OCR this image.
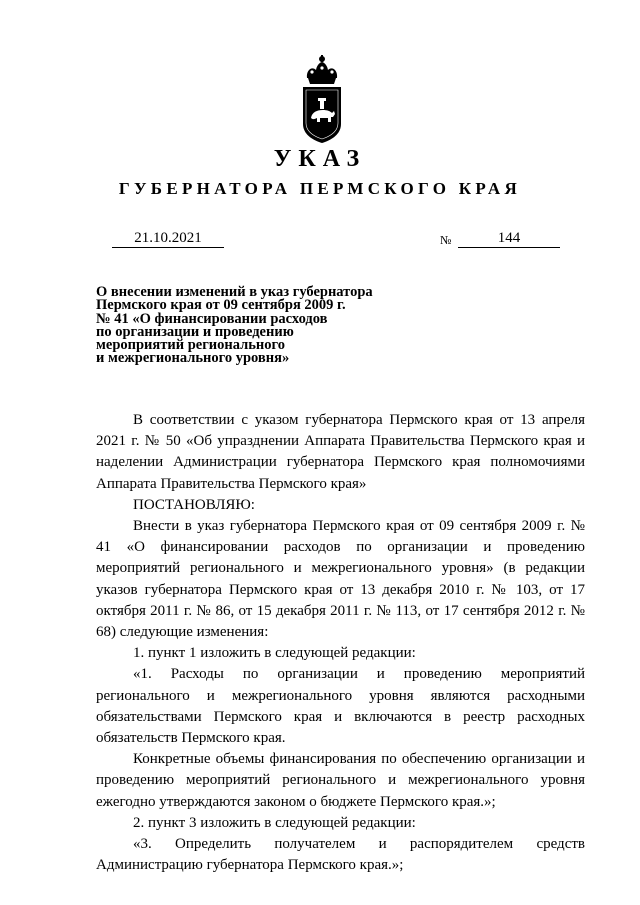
УКАЗ
ГУБЕРНАТОРА ПЕРМСКОГО КРАЯ
21.10.2021	№	144
О внесении изменений в указ губернатора
Пермского края от 09 сентября 2009 г.
№ 41 «О финансировании расходов
по организации и проведению
мероприятий регионального
и межрегионального уровня»

В соответствии с указом губернатора Пермского края от 13 апреля 2021 г. № 50 «Об упразднении Аппарата Правительства Пермского края и наделении Администрации губернатора Пермского края полномочиями Аппарата Правительства Пермского края»

ПОСТАНОВЛЯЮ:

Внести в указ губернатора Пермского края от 09 сентября 2009 г. № 41 «О финансировании расходов по организации и проведению мероприятий регионального и межрегионального уровня» (в редакции указов губернатора Пермского края от 13 декабря 2010 г. № 103, от 17 октября 2011 г. № 86, от 15 декабря 2011 г. № 113, от 17 сентября 2012 г. № 68) следующие изменения:

1. пункт 1 изложить в следующей редакции:

«1. Расходы по организации и проведению мероприятий регионального и межрегионального уровня являются расходными обязательствами Пермского края и включаются в реестр расходных обязательств Пермского края.

Конкретные объемы финансирования по обеспечению организации и проведению мероприятий регионального и межрегионального уровня ежегодно утверждаются законом о бюджете Пермского края.»;

2. пункт 3 изложить в следующей редакции:

«3. Определить получателем и распорядителем средств Администрацию губернатора Пермского края.»;
